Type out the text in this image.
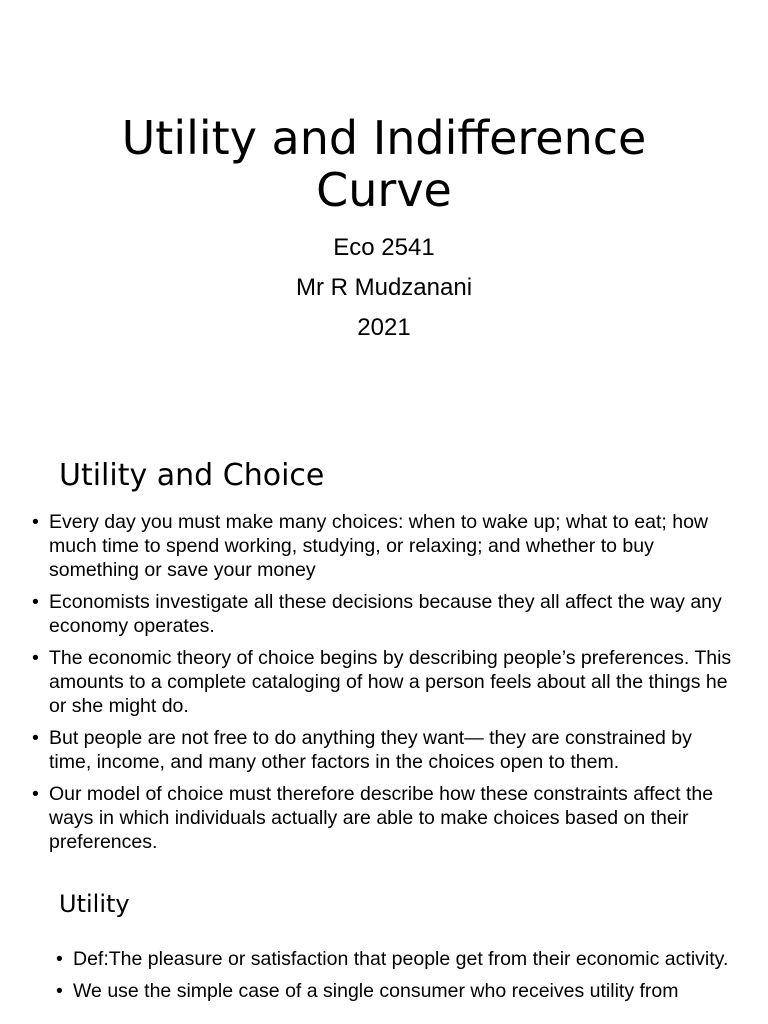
Utility and Indifference
Curve
Eco 2541
Mr R Mudzanani
2021
Utility and Choice
• Every day you must make many choices: when to wake up; what to eat; how much time to spend working, studying, or relaxing; and whether to buy something or save your money
• Economists investigate all these decisions because they all affect the way any economy operates.
• The economic theory of choice begins by describing people’s preferences. This amounts to a complete cataloging of how a person feels about all the things he or she might do.
• But people are not free to do anything they want— they are constrained by time, income, and many other factors in the choices open to them.
• Our model of choice must therefore describe how these constraints affect the ways in which individuals actually are able to make choices based on their preferences.
Utility
• Def:The pleasure or satisfaction that people get from their economic activity.
• We use the simple case of a single consumer who receives utility from
